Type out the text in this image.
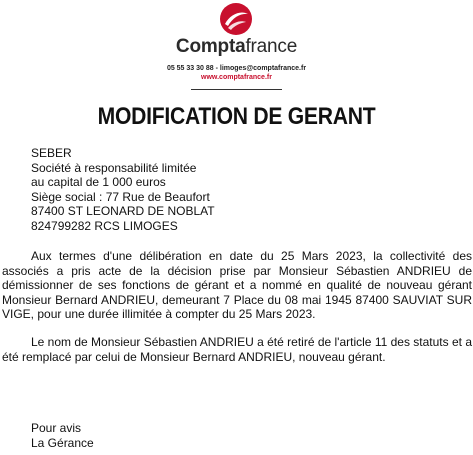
Comptafrance
05 55 33 30 88 - limoges@comptafrance.fr
www.comptafrance.fr
MODIFICATION DE GERANT
SEBER
Société à responsabilité limitée
au capital de 1 000 euros
Siège social : 77 Rue de Beaufort
87400 ST LEONARD DE NOBLAT
824799282 RCS LIMOGES

Aux termes d'une délibération en date du 25 Mars 2023, la collectivité des associés a pris acte de la décision prise par Monsieur Sébastien ANDRIEU de démissionner de ses fonctions de gérant et a nommé en qualité de nouveau gérant Monsieur Bernard ANDRIEU, demeurant 7 Place du 08 mai 1945 87400 SAUVIAT SUR VIGE, pour une durée illimitée à compter du 25 Mars 2023.

Le nom de Monsieur Sébastien ANDRIEU a été retiré de l'article 11 des statuts et a été remplacé par celui de Monsieur Bernard ANDRIEU, nouveau gérant.

Pour avis
La Gérance
